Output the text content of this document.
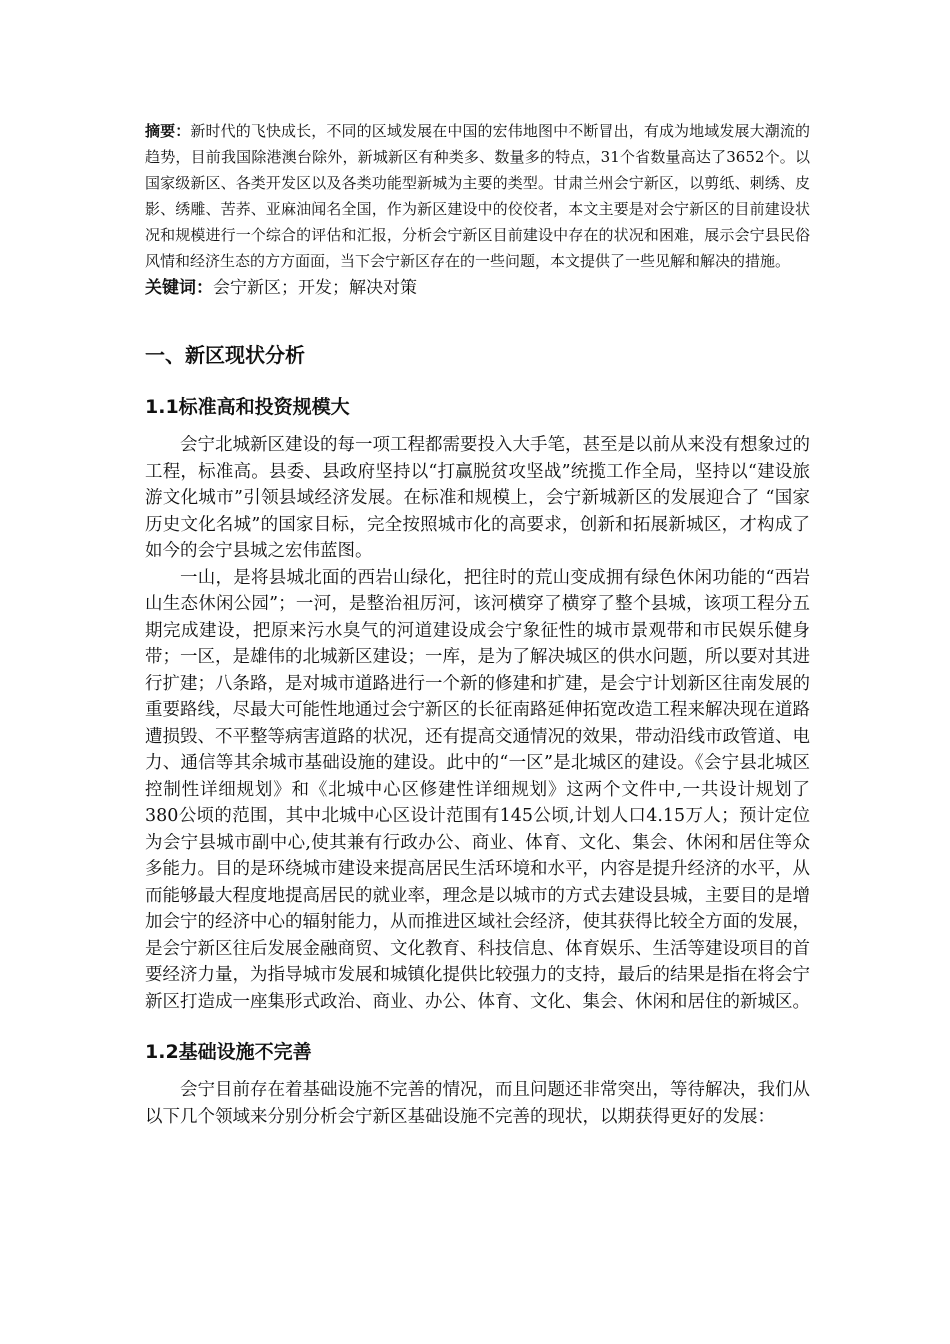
摘要：新时代的飞快成长，不同的区域发展在中国的宏伟地图中不断冒出，有成为地域发展大潮流的趋势，目前我国除港澳台除外，新城新区有种类多、数量多的特点，31个省数量高达了3652个。以国家级新区、各类开发区以及各类功能型新城为主要的类型。甘肃兰州会宁新区，以剪纸、刺绣、皮影、绣雕、苦荞、亚麻油闻名全国，作为新区建设中的佼佼者，本文主要是对会宁新区的目前建设状况和规模进行一个综合的评估和汇报，分析会宁新区目前建设中存在的状况和困难，展示会宁县民俗风情和经济生态的方方面面，当下会宁新区存在的一些问题，本文提供了一些见解和解决的措施。

关键词：会宁新区；开发；解决对策

一、新区现状分析
1.1标准高和投资规模大

会宁北城新区建设的每一项工程都需要投入大手笔，甚至是以前从来没有想象过的工程，标准高。县委、县政府坚持以“打赢脱贫攻坚战”统揽工作全局，坚持以“建设旅游文化城市”引领县域经济发展。在标准和规模上，会宁新城新区的发展迎合了 “国家历史文化名城”的国家目标，完全按照城市化的高要求，创新和拓展新城区，才构成了如今的会宁县城之宏伟蓝图。

一山，是将县城北面的西岩山绿化，把往时的荒山变成拥有绿色休闲功能的“西岩山生态休闲公园”；一河，是整治祖厉河，该河横穿了横穿了整个县城，该项工程分五期完成建设，把原来污水臭气的河道建设成会宁象征性的城市景观带和市民娱乐健身带；一区，是雄伟的北城新区建设；一库，是为了解决城区的供水问题，所以要对其进行扩建；八条路，是对城市道路进行一个新的修建和扩建，是会宁计划新区往南发展的重要路线，尽最大可能性地通过会宁新区的长征南路延伸拓宽改造工程来解决现在道路遭损毁、不平整等病害道路的状况，还有提高交通情况的效果，带动沿线市政管道、电力、通信等其余城市基础设施的建设。此中的“一区”是北城区的建设。《会宁县北城区控制性详细规划》和《北城中心区修建性详细规划》这两个文件中,一共设计规划了380公顷的范围，其中北城中心区设计范围有145公顷,计划人口4.15万人；预计定位为会宁县城市副中心,使其兼有行政办公、商业、体育、文化、集会、休闲和居住等众多能力。目的是环绕城市建设来提高居民生活环境和水平，内容是提升经济的水平，从而能够最大程度地提高居民的就业率，理念是以城市的方式去建设县城，主要目的是增加会宁的经济中心的辐射能力，从而推进区域社会经济，使其获得比较全方面的发展，是会宁新区往后发展金融商贸、文化教育、科技信息、体育娱乐、生活等建设项目的首要经济力量，为指导城市发展和城镇化提供比较强力的支持，最后的结果是指在将会宁新区打造成一座集形式政治、商业、办公、体育、文化、集会、休闲和居住的新城区。

1.2基础设施不完善

会宁目前存在着基础设施不完善的情况，而且问题还非常突出，等待解决，我们从以下几个领域来分别分析会宁新区基础设施不完善的现状，以期获得更好的发展：
